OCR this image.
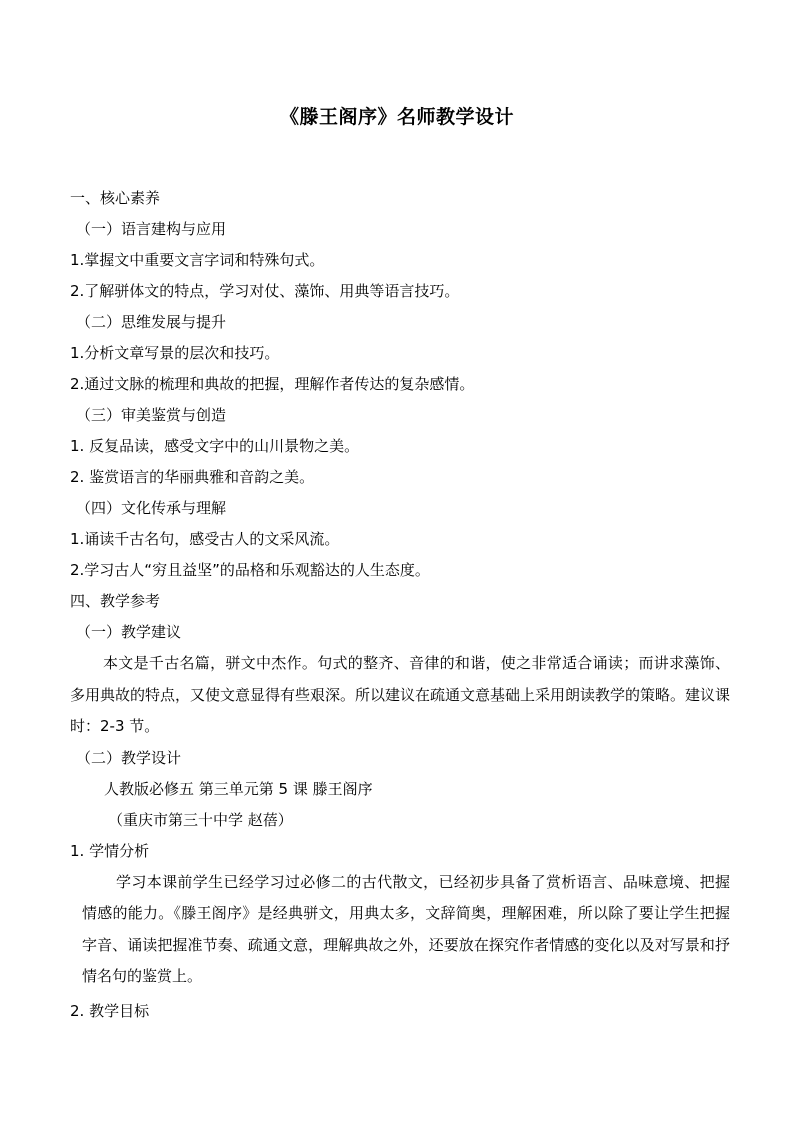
《滕王阁序》名师教学设计
一、核心素养
（一）语言建构与应用
1.掌握文中重要文言字词和特殊句式。
2.了解骈体文的特点，学习对仗、藻饰、用典等语言技巧。
（二）思维发展与提升
1.分析文章写景的层次和技巧。
2.通过文脉的梳理和典故的把握，理解作者传达的复杂感情。
（三）审美鉴赏与创造
1. 反复品读，感受文字中的山川景物之美。
2. 鉴赏语言的华丽典雅和音韵之美。
（四）文化传承与理解
1.诵读千古名句，感受古人的文采风流。
2.学习古人“穷且益坚”的品格和乐观豁达的人生态度。
四、教学参考
（一）教学建议

本文是千古名篇，骈文中杰作。句式的整齐、音律的和谐，使之非常适合诵读；而讲求藻饰、多用典故的特点，又使文意显得有些艰深。所以建议在疏通文意基础上采用朗读教学的策略。建议课时：2-3 节。

（二）教学设计
人教版必修五 第三单元第 5 课 滕王阁序
（重庆市第三十中学 赵蓓）
1. 学情分析

学习本课前学生已经学习过必修二的古代散文，已经初步具备了赏析语言、品味意境、把握情感的能力。《滕王阁序》是经典骈文，用典太多，文辞简奥，理解困难，所以除了要让学生把握字音、诵读把握准节奏、疏通文意，理解典故之外，还要放在探究作者情感的变化以及对写景和抒情名句的鉴赏上。

2. 教学目标
